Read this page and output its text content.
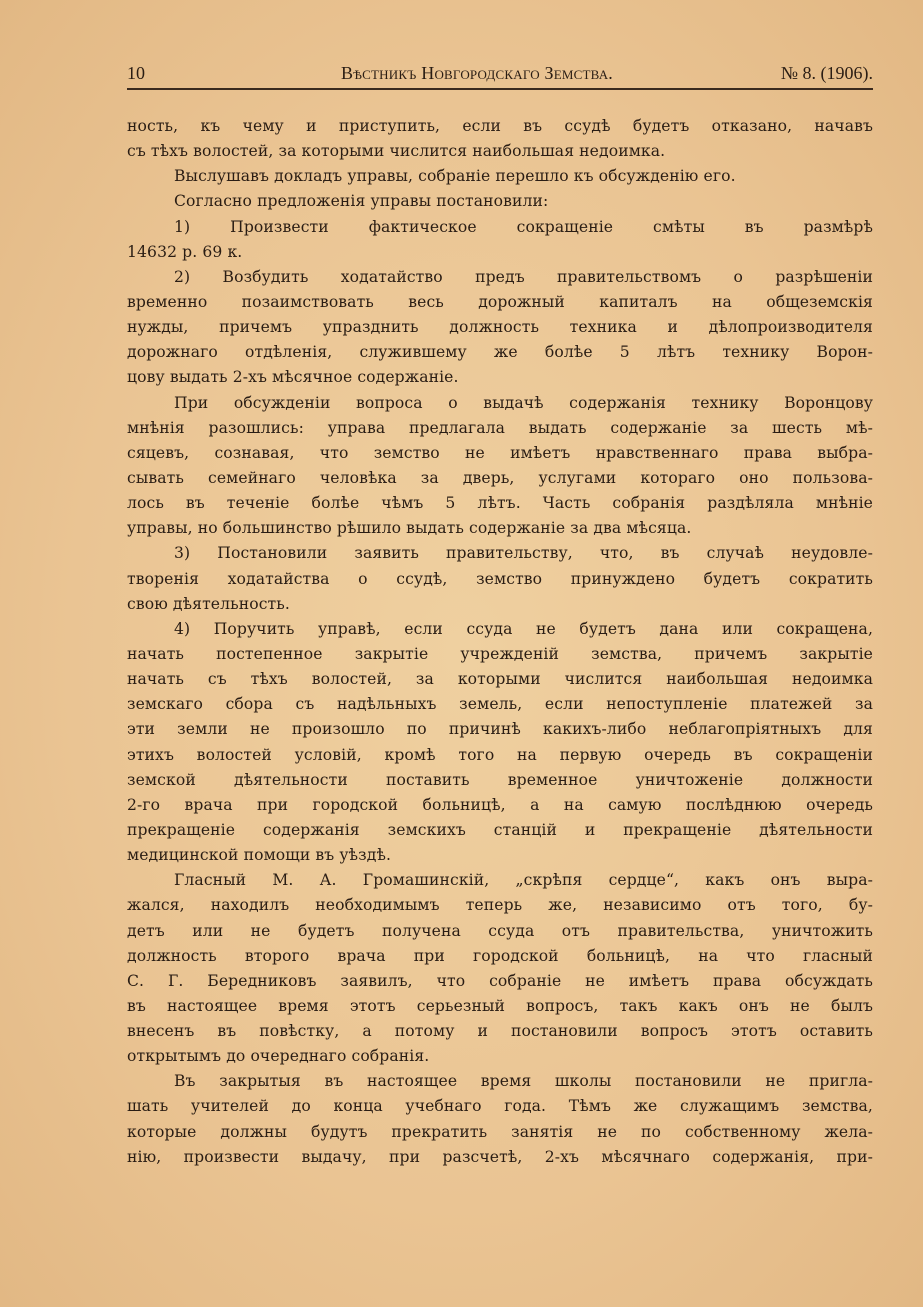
10	Вѣстникъ Новгородскаго Земства.	№ 8. (1906).
ность, къ чему и приступить, если въ ссудѣ будетъ отказано, начавъ
съ тѣхъ волостей, за которыми числится наибольшая недоимка.
Выслушавъ докладъ управы, собраніе перешло къ обсужденію его.
Согласно предложенія управы постановили:
1) Произвести фактическое сокращеніе смѣты въ размѣрѣ
14632 р. 69 к.
2) Возбудить ходатайство предъ правительствомъ о разрѣшеніи
временно позаимствовать весь дорожный капиталъ на общеземскія
нужды, причемъ упразднить должность техника и дѣлопроизводителя
дорожнаго отдѣленія, служившему же болѣе 5 лѣтъ технику Ворон-
цову выдать 2-хъ мѣсячное содержаніе.
При обсужденіи вопроса о выдачѣ содержанія технику Воронцову
мнѣнія разошлись: управа предлагала выдать содержаніе за шесть мѣ-
сяцевъ, сознавая, что земство не имѣетъ нравственнаго права выбра-
сывать семейнаго человѣка за дверь, услугами котораго оно пользова-
лось въ теченіе болѣе чѣмъ 5 лѣтъ. Часть собранія раздѣляла мнѣніе
управы, но большинство рѣшило выдать содержаніе за два мѣсяца.
3) Постановили заявить правительству, что, въ случаѣ неудовле-
творенія ходатайства о ссудѣ, земство принуждено будетъ сократить
свою дѣятельность.
4) Поручить управѣ, если ссуда не будетъ дана или сокращена,
начать постепенное закрытіе учрежденій земства, причемъ закрытіе
начать съ тѣхъ волостей, за которыми числится наибольшая недоимка
земскаго сбора съ надѣльныхъ земель, если непоступленіе платежей за
эти земли не произошло по причинѣ какихъ-либо неблагопріятныхъ для
этихъ волостей условій, кромѣ того на первую очередь въ сокращеніи
земской дѣятельности поставить временное уничтоженіе должности
2-го врача при городской больницѣ, а на самую послѣднюю очередь
прекращеніе содержанія земскихъ станцій и прекращеніе дѣятельности
медицинской помощи въ уѣздѣ.
Гласный М. А. Громашинскій, „скрѣпя сердце“, какъ онъ выра-
жался, находилъ необходимымъ теперь же, независимо отъ того, бу-
детъ или не будетъ получена ссуда отъ правительства, уничтожить
должность второго врача при городской больницѣ, на что гласный
С. Г. Бередниковъ заявилъ, что собраніе не имѣетъ права обсуждать
въ настоящее время этотъ серьезный вопросъ, такъ какъ онъ не былъ
внесенъ въ повѣстку, а потому и постановили вопросъ этотъ оставить
открытымъ до очереднаго собранія.
Въ закрытыя въ настоящее время школы постановили не пригла-
шать учителей до конца учебнаго года. Тѣмъ же служащимъ земства,
которые должны будутъ прекратить занятія не по собственному жела-
нію, произвести выдачу, при разсчетѣ, 2-хъ мѣсячнаго содержанія, при-
